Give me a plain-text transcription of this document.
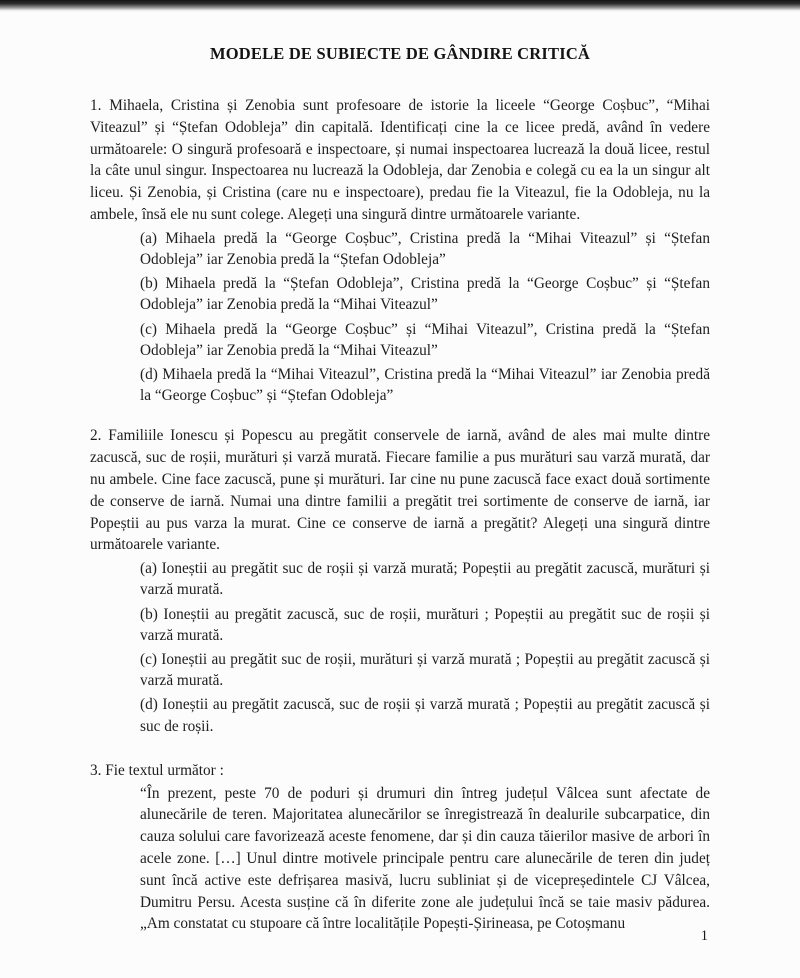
MODELE DE SUBIECTE DE GÂNDIRE CRITICĂ

1. Mihaela, Cristina și Zenobia sunt profesoare de istorie la liceele “George Coșbuc”, “Mihai Viteazul” și “Ștefan Odobleja” din capitală. Identificați cine la ce licee predă, având în vedere următoarele: O singură profesoară e inspectoare, și numai inspectoarea lucrează la două licee, restul la câte unul singur. Inspectoarea nu lucrează la Odobleja, dar Zenobia e colegă cu ea la un singur alt liceu. Și Zenobia, și Cristina (care nu e inspectoare), predau fie la Viteazul, fie la Odobleja, nu la ambele, însă ele nu sunt colege. Alegeți una singură dintre următoarele variante.

(a) Mihaela predă la “George Coșbuc”, Cristina predă la “Mihai Viteazul” și “Ștefan Odobleja” iar Zenobia predă la “Ștefan Odobleja”

(b) Mihaela predă la “Ștefan Odobleja”, Cristina predă la “George Coșbuc” și “Ștefan Odobleja” iar Zenobia predă la “Mihai Viteazul”

(c) Mihaela predă la “George Coșbuc” și “Mihai Viteazul”, Cristina predă la “Ștefan Odobleja” iar Zenobia predă la “Mihai Viteazul”

(d) Mihaela predă la “Mihai Viteazul”, Cristina predă la “Mihai Viteazul” iar Zenobia predă la “George Coșbuc” și “Ștefan Odobleja”

2. Familiile Ionescu și Popescu au pregătit conservele de iarnă, având de ales mai multe dintre zacuscă, suc de roșii, murături și varză murată. Fiecare familie a pus murături sau varză murată, dar nu ambele. Cine face zacuscă, pune și murături. Iar cine nu pune zacuscă face exact două sortimente de conserve de iarnă. Numai una dintre familii a pregătit trei sortimente de conserve de iarnă, iar Popeștii au pus varza la murat. Cine ce conserve de iarnă a pregătit? Alegeți una singură dintre următoarele variante.

(a) Ioneștii au pregătit suc de roșii și varză murată; Popeștii au pregătit zacuscă, murături și varză murată.

(b) Ioneștii au pregătit zacuscă, suc de roșii, murături ; Popeștii au pregătit suc de roșii și varză murată.

(c) Ioneștii au pregătit suc de roșii, murături și varză murată ; Popeștii au pregătit zacuscă și varză murată.

(d) Ioneștii au pregătit zacuscă, suc de roșii și varză murată ; Popeștii au pregătit zacuscă și suc de roșii.

3. Fie textul următor :

“În prezent, peste 70 de poduri și drumuri din întreg județul Vâlcea sunt afectate de alunecările de teren. Majoritatea alunecărilor se înregistrează în dealurile subcarpatice, din cauza solului care favorizează aceste fenomene, dar și din cauza tăierilor masive de arbori în acele zone. […] Unul dintre motivele principale pentru care alunecările de teren din județ sunt încă active este defrișarea masivă, lucru subliniat și de vicepreședintele CJ Vâlcea, Dumitru Persu. Acesta susține că în diferite zone ale județului încă se taie masiv pădurea. „Am constatat cu stupoare că între localitățile Popești-Șirineasa, pe Cotoșmanu

1
